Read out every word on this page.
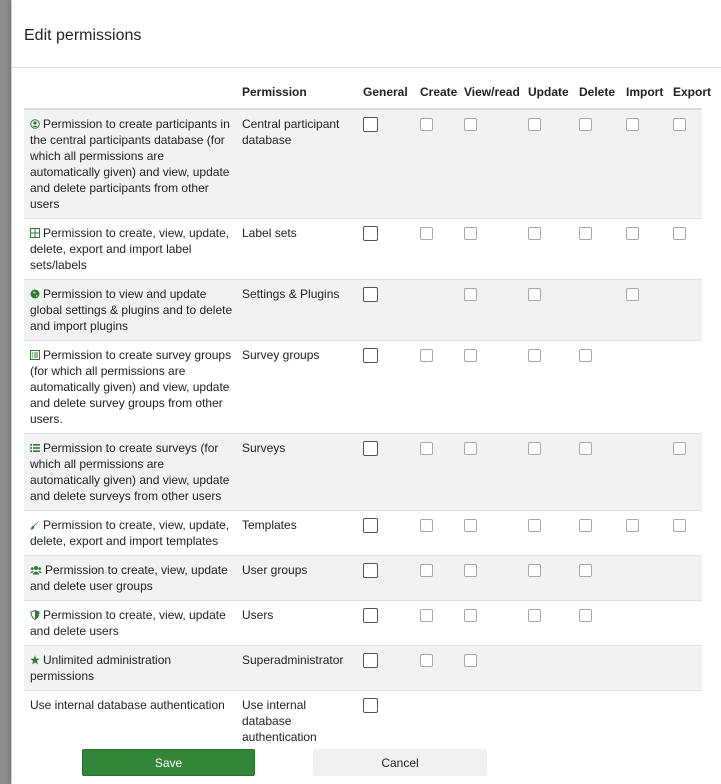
Edit permissions
	Permission	General	Create	View/read	Update	Delete	Import	Export
Permission to create participants in the central participants database (for which all permissions are automatically given) and view, update and delete participants from other users	Central participant database							
Permission to create, view, update, delete, export and import label sets/labels	Label sets							
Permission to view and update global settings & plugins and to delete and import plugins	Settings & Plugins							
Permission to create survey groups (for which all permissions are automatically given) and view, update and delete survey groups from other users.	Survey groups							
Permission to create surveys (for which all permissions are automatically given) and view, update and delete surveys from other users	Surveys							
Permission to create, view, update, delete, export and import templates	Templates							
Permission to create, view, update and delete user groups	User groups							
Permission to create, view, update and delete users	Users							
Unlimited administration permissions	Superadministrator							
Use internal database authentication	Use internal database authentication							
Save	Cancel
